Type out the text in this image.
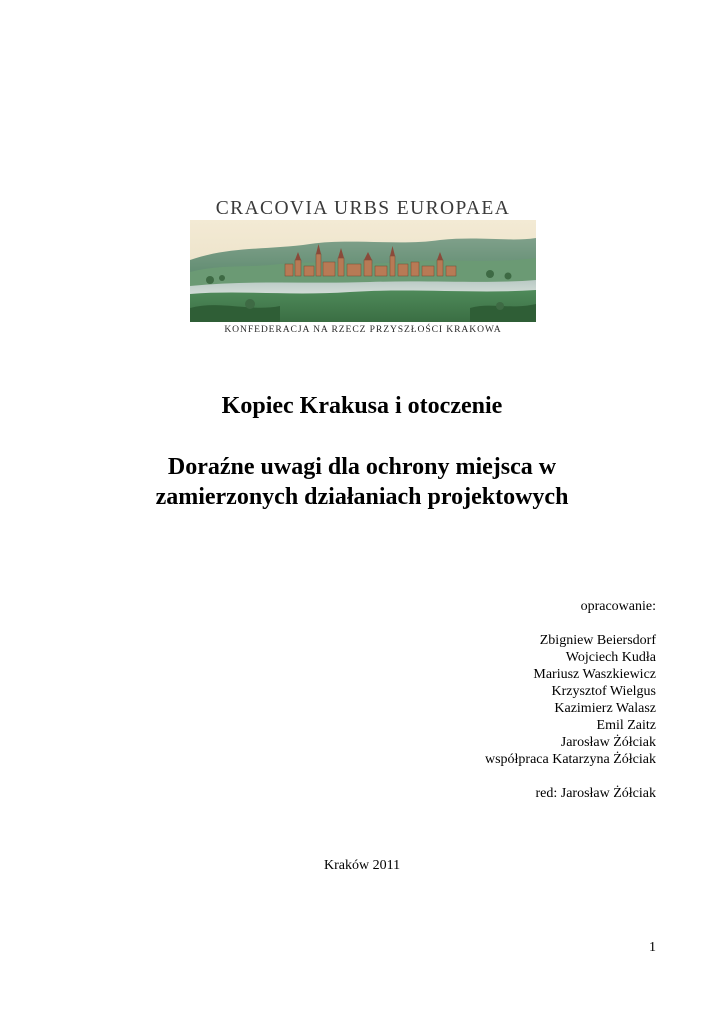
CRACOVIA URBS EUROPAEA
KONFEDERACJA NA RZECZ PRZYSZŁOŚCI KRAKOWA
Kopiec Krakusa i otoczenie
Doraźne uwagi dla ochrony miejsca w
zamierzonych działaniach projektowych
opracowanie:
Zbigniew Beiersdorf
Wojciech Kudła
Mariusz Waszkiewicz
Krzysztof Wielgus
Kazimierz Walasz
Emil Zaitz
Jarosław Żółciak
współpraca Katarzyna Żółciak
red: Jarosław Żółciak
Kraków 2011
1
